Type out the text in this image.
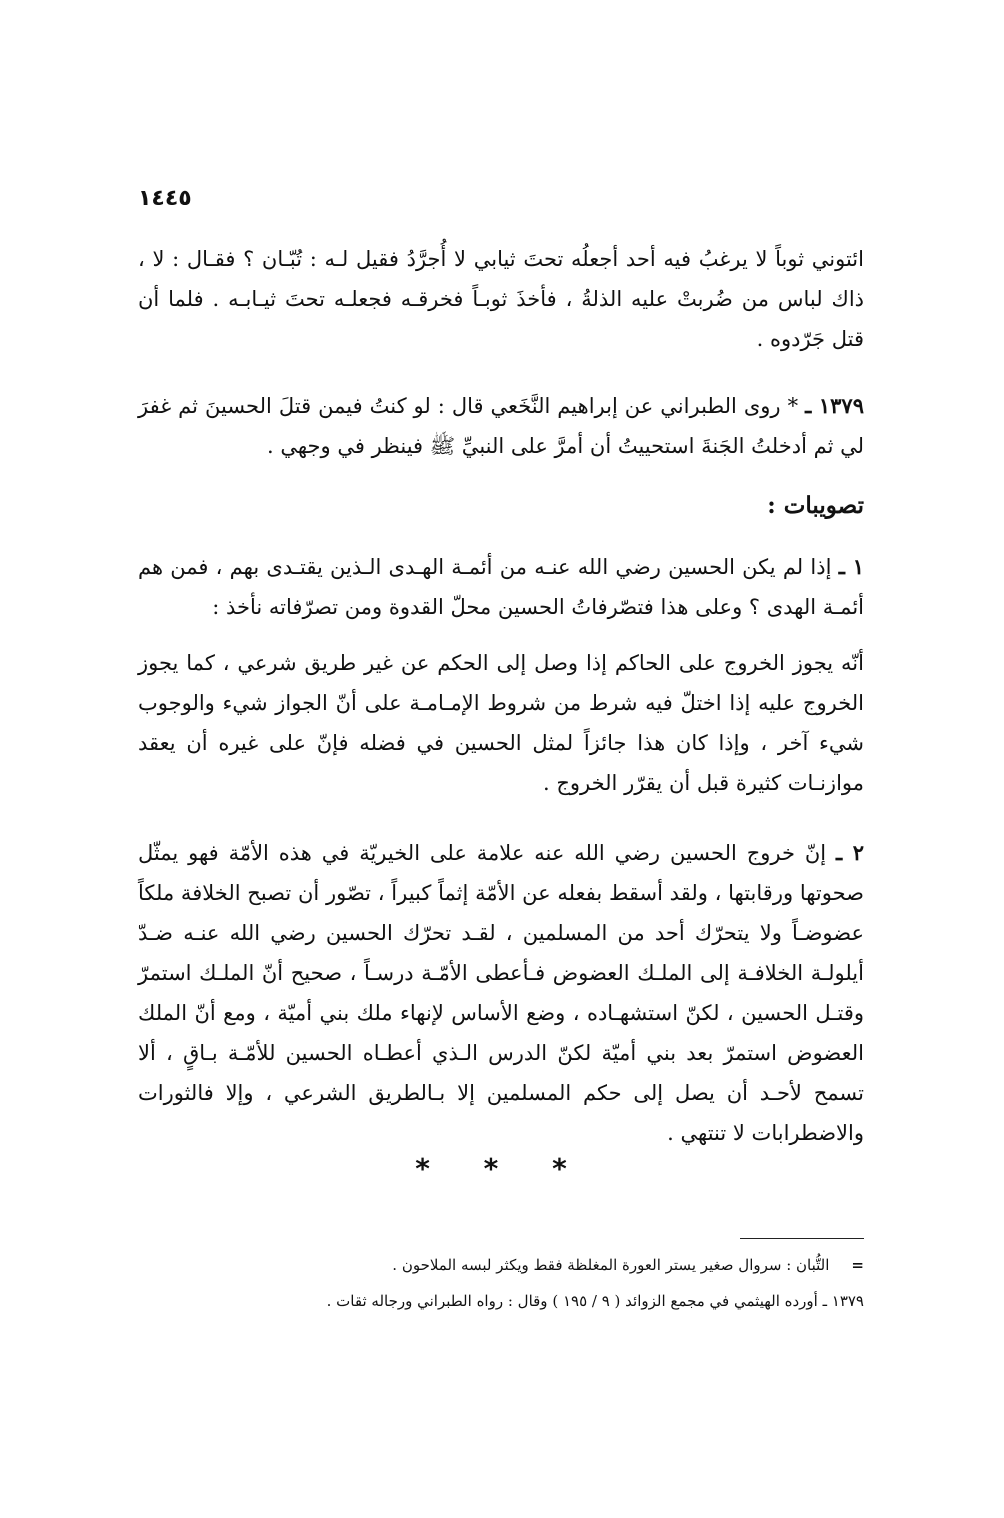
١٤٤٥

ائتوني ثوباً لا يرغبُ فيه أحد أجعلُه تحتَ ثيابي لا أُجرَّدُ فقيل لـه : تُبّـان ؟ فقـال : لا ، ذاك لباس من ضُربتْ عليه الذلةُ ، فأخذَ ثوبـاً فخرقـه فجعلـه تحتَ ثيـابـه . فلما أن قتل جَرّدوه .

١٣٧٩ ـ * روى الطبراني عن إبراهيم النَّخَعي قال : لو كنتُ فيمن قتلَ الحسينَ ثم غفرَ لي ثم أدخلتُ الجَنةَ استحييتُ أن أمرَّ على النبيِّ ﷺ فينظر في وجهي .

تصويبات :

١ ـ إذا لم يكن الحسين رضي الله عنـه من أئمـة الهـدى الـذين يقتـدى بهم ، فمن هم أئمـة الهدى ؟ وعلى هذا فتصّرفاتُ الحسين محلّ القدوة ومن تصرّفاته نأخذ :

أنّه يجوز الخروج على الحاكم إذا وصل إلى الحكم عن غير طريق شرعي ، كما يجوز الخروج عليه إذا اختلّ فيه شرط من شروط الإمـامـة على أنّ الجواز شيء والوجوب شيء آخر ، وإذا كان هذا جائزاً لمثل الحسين في فضله فإنّ على غيره أن يعقد موازنـات كثيرة قبل أن يقرّر الخروج .

٢ ـ إنّ خروج الحسين رضي الله عنه علامة على الخيريّة في هذه الأمّة فهو يمثّل صحوتها ورقابتها ، ولقد أسقط بفعله عن الأمّة إثماً كبيراً ، تصّور أن تصبح الخلافة ملكاً عضوضـاً ولا يتحرّك أحد من المسلمين ، لقـد تحرّك الحسين رضي الله عنـه ضـدّ أيلولـة الخلافـة إلى الملـك العضوض فـأعطى الأمّـة درسـاً ، صحيح أنّ الملـك استمرّ وقتـل الحسين ، لكنّ استشهـاده ، وضع الأساس لإنهاء ملك بني أميّة ، ومع أنّ الملك العضوض استمرّ بعد بني أميّة لكنّ الدرس الـذي أعطـاه الحسين للأمّـة بـاقٍ ، ألا تسمح لأحـد أن يصل إلى حكم المسلمين إلا بـالطريق الشرعي ، وإلا فالثورات والاضطرابات لا تنتهي .

* * *
=التُّبان : سروال صغير يستر العورة المغلظة فقط ويكثر لبسه الملاحون .
١٣٧٩ ـ أورده الهيثمي في مجمع الزوائد ( ٩ / ١٩٥ ) وقال : رواه الطبراني ورجاله ثقات .
